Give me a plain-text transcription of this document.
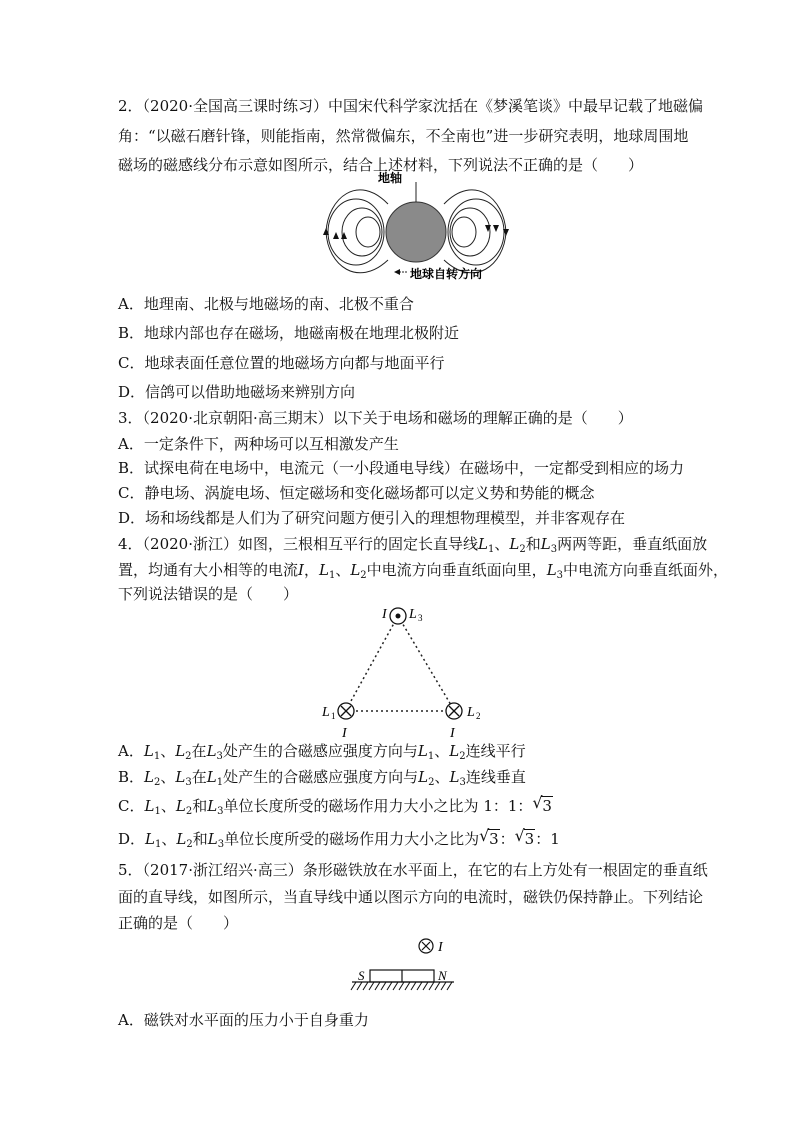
2．（2020·全国高三课时练习）中国宋代科学家沈括在《梦溪笔谈》中最早记载了地磁偏
角：“以磁石磨针锋，则能指南，然常微偏东，不全南也”进一步研究表明，地球周围地
磁场的磁感线分布示意如图所示，结合上述材料，下列说法不正确的是（　　）
地轴
地球自转方向
A．地理南、北极与地磁场的南、北极不重合
B．地球内部也存在磁场，地磁南极在地理北极附近
C．地球表面任意位置的地磁场方向都与地面平行
D．信鸽可以借助地磁场来辨别方向
3．（2020·北京朝阳·高三期末）以下关于电场和磁场的理解正确的是（　　）
A．一定条件下，两种场可以互相激发产生
B．试探电荷在电场中，电流元（一小段通电导线）在磁场中，一定都受到相应的场力
C．静电场、涡旋电场、恒定磁场和变化磁场都可以定义势和势能的概念
D．场和场线都是人们为了研究问题方便引入的理想物理模型，并非客观存在
4．（2020·浙江）如图，三根相互平行的固定长直导线$L_1$、$L_2$和$L_3$两两等距，垂直纸面放
置，均通有大小相等的电流I，$L_1$、$L_2$中电流方向垂直纸面向里，$L_3$中电流方向垂直纸面外，
下列说法错误的是（　　）
I L 3
L 1	L 2
I	I
A．$L_1$、$L_2$在$L_3$处产生的合磁感应强度方向与$L_1$、$L_2$连线平行
B．$L_2$、$L_3$在$L_1$处产生的合磁感应强度方向与$L_2$、$L_3$连线垂直
C．$L_1$、$L_2$和$L_3$单位长度所受的磁场作用力大小之比为 1：1： √ 3
D．$L_1$、$L_2$和$L_3$单位长度所受的磁场作用力大小之比为 √ 3： √ 3：1
5．（2017·浙江绍兴·高三）条形磁铁放在水平面上，在它的右上方处有一根固定的垂直纸
面的直导线，如图所示，当直导线中通以图示方向的电流时，磁铁仍保持静止。下列结论
正确的是（　　）
I
S	N
A．磁铁对水平面的压力小于自身重力
